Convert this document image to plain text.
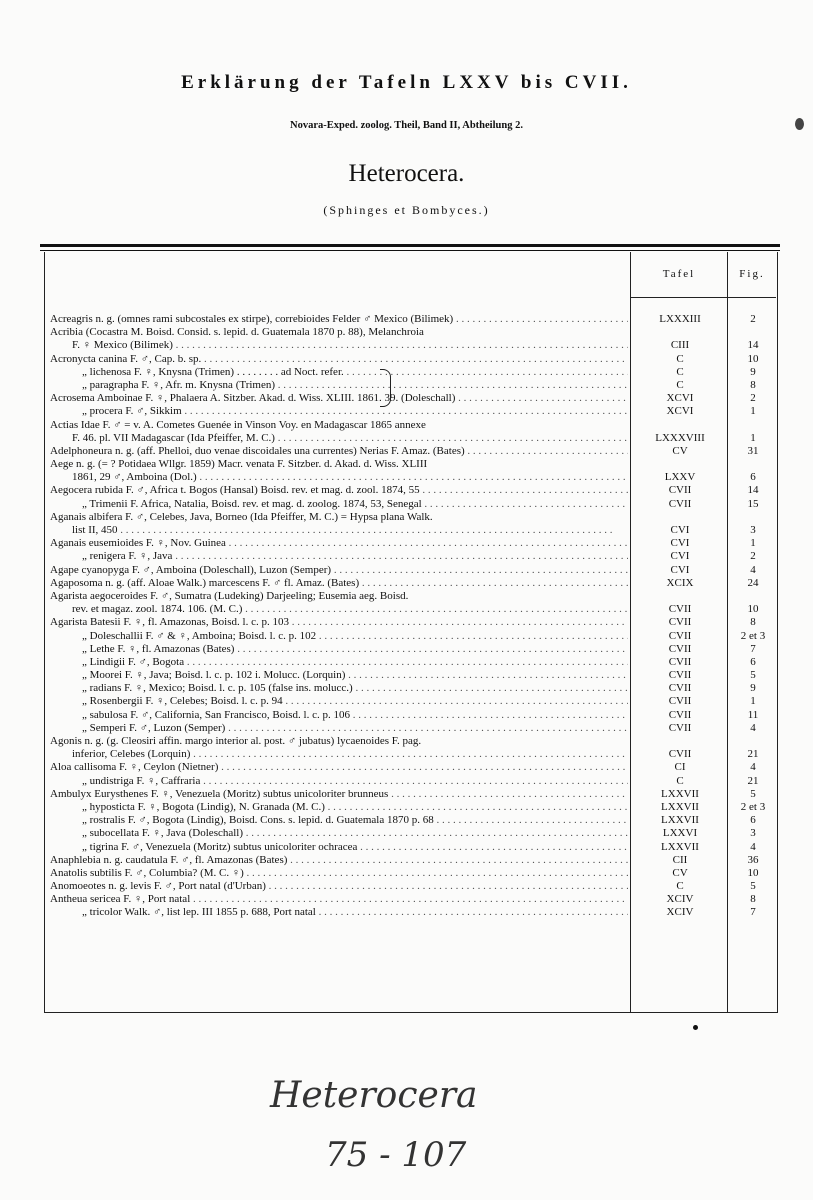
Erklärung der Tafeln LXXV bis CVII.
Novara-Exped. zoolog. Theil, Band II, Abtheilung 2.
Heterocera.
(Sphinges et Bombyces.)
Tafel	Fig.
Acreagris n. g. (omnes rami subcostales ex stirpe), correbioides Felder ♂ Mexico (Bilimek) . . .	LXXXIII	2
Acribia (Cocastra M. Boisd. Consid. s. lepid. d. Guatemala 1870 p. 88), Melanchroia
F. ♀ Mexico (Bilimek) . . .	CIII	14
Acronycta canina F. ♂, Cap. b. sp. . . .	C	10
„ lichenosa F. ♀, Knysna (Trimen) . . . . . . . . ad Noct. refer. . . .	C	9
„ paragrapha F. ♀, Afr. m. Knysna (Trimen) . . .	C	8
Acrosema Amboinae F. ♀, Phalaera A. Sitzber. Akad. d. Wiss. XLIII. 1861. 39. (Doleschall) . . .	XCVI	2
„ procera F. ♂, Sikkim . . .	XCVI	1
Actias Idae F. ♂ = v. A. Cometes Guenée in Vinson Voy. en Madagascar 1865 annexe
F. 46. pl. VII Madagascar (Ida Pfeiffer, M. C.) . . .	LXXXVIII	1
Adelphoneura n. g. (aff. Phelloi, duo venae discoidales una currentes) Nerias F. Amaz. (Bates) . . .	CV	31
Aege n. g. (= ? Potidaea Wllgr. 1859) Macr. venata F. Sitzber. d. Akad. d. Wiss. XLIII
1861, 29 ♂, Amboina (Dol.) . . .	LXXV	6
Aegocera rubida F. ♂, Africa t. Bogos (Hansal) Boisd. rev. et mag. d. zool. 1874, 55 . . .	CVII	14
„ Trimenii F. Africa, Natalia, Boisd. rev. et mag. d. zoolog. 1874, 53, Senegal . . .	CVII	15
Aganais albifera F. ♂, Celebes, Java, Borneo (Ida Pfeiffer, M. C.) = Hypsa plana Walk.
list II, 450 . . .	CVI	3
Aganais eusemioides F. ♀, Nov. Guinea . . .	CVI	1
„ renigera F. ♀, Java . . .	CVI	2
Agape cyanopyga F. ♂, Amboina (Doleschall), Luzon (Semper) . . .	CVI	4
Agaposoma n. g. (aff. Aloae Walk.) marcescens F. ♂ fl. Amaz. (Bates) . . .	XCIX	24
Agarista aegoceroides F. ♂, Sumatra (Ludeking) Darjeeling; Eusemia aeg. Boisd.
rev. et magaz. zool. 1874. 106. (M. C.) . . .	CVII	10
Agarista Batesii F. ♀, fl. Amazonas, Boisd. l. c. p. 103 . . .	CVII	8
„ Doleschallii F. ♂ & ♀, Amboina; Boisd. l. c. p. 102 . . .	CVII	2 et 3
„ Lethe F. ♀, fl. Amazonas (Bates) . . .	CVII	7
„ Lindigii F. ♂, Bogota . . .	CVII	6
„ Moorei F. ♀, Java; Boisd. l. c. p. 102 i. Molucc. (Lorquin) . . .	CVII	5
„ radians F. ♀, Mexico; Boisd. l. c. p. 105 (false ins. molucc.) . . .	CVII	9
„ Rosenbergii F. ♀, Celebes; Boisd. l. c. p. 94 . . .	CVII	1
„ sabulosa F. ♂, California, San Francisco, Boisd. l. c. p. 106 . . .	CVII	11
„ Semperi F. ♂, Luzon (Semper) . . .	CVII	4
Agonis n. g. (g. Cleosiri affin. margo interior al. post. ♂ jubatus) lycaenoides F. pag.
inferior, Celebes (Lorquin) . . .	CVII	21
Aloa callisoma F. ♀, Ceylon (Nietner) . . .	CI	4
„ undistriga F. ♀, Caffraria . . .	C	21
Ambulyx Eurysthenes F. ♀, Venezuela (Moritz) subtus unicoloriter brunneus . . .	LXXVII	5
„ hyposticta F. ♀, Bogota (Lindig), N. Granada (M. C.) . . .	LXXVII	2 et 3
„ rostralis F. ♂, Bogota (Lindig), Boisd. Cons. s. lepid. d. Guatemala 1870 p. 68 . . .	LXXVII	6
„ subocellata F. ♀, Java (Doleschall) . . .	LXXVI	3
„ tigrina F. ♂, Venezuela (Moritz) subtus unicoloriter ochracea . . .	LXXVII	4
Anaphlebia n. g. caudatula F. ♂, fl. Amazonas (Bates) . . .	CII	36
Anatolis subtilis F. ♂, Columbia? (M. C. ♀) . . .	CV	10
Anomoeotes n. g. levis F. ♂, Port natal (d'Urban) . . .	C	5
Antheua sericea F. ♀, Port natal . . .	XCIV	8
„ tricolor Walk. ♂, list lep. III 1855 p. 688, Port natal . . .	XCIV	7
Heterocera
75 - 107
